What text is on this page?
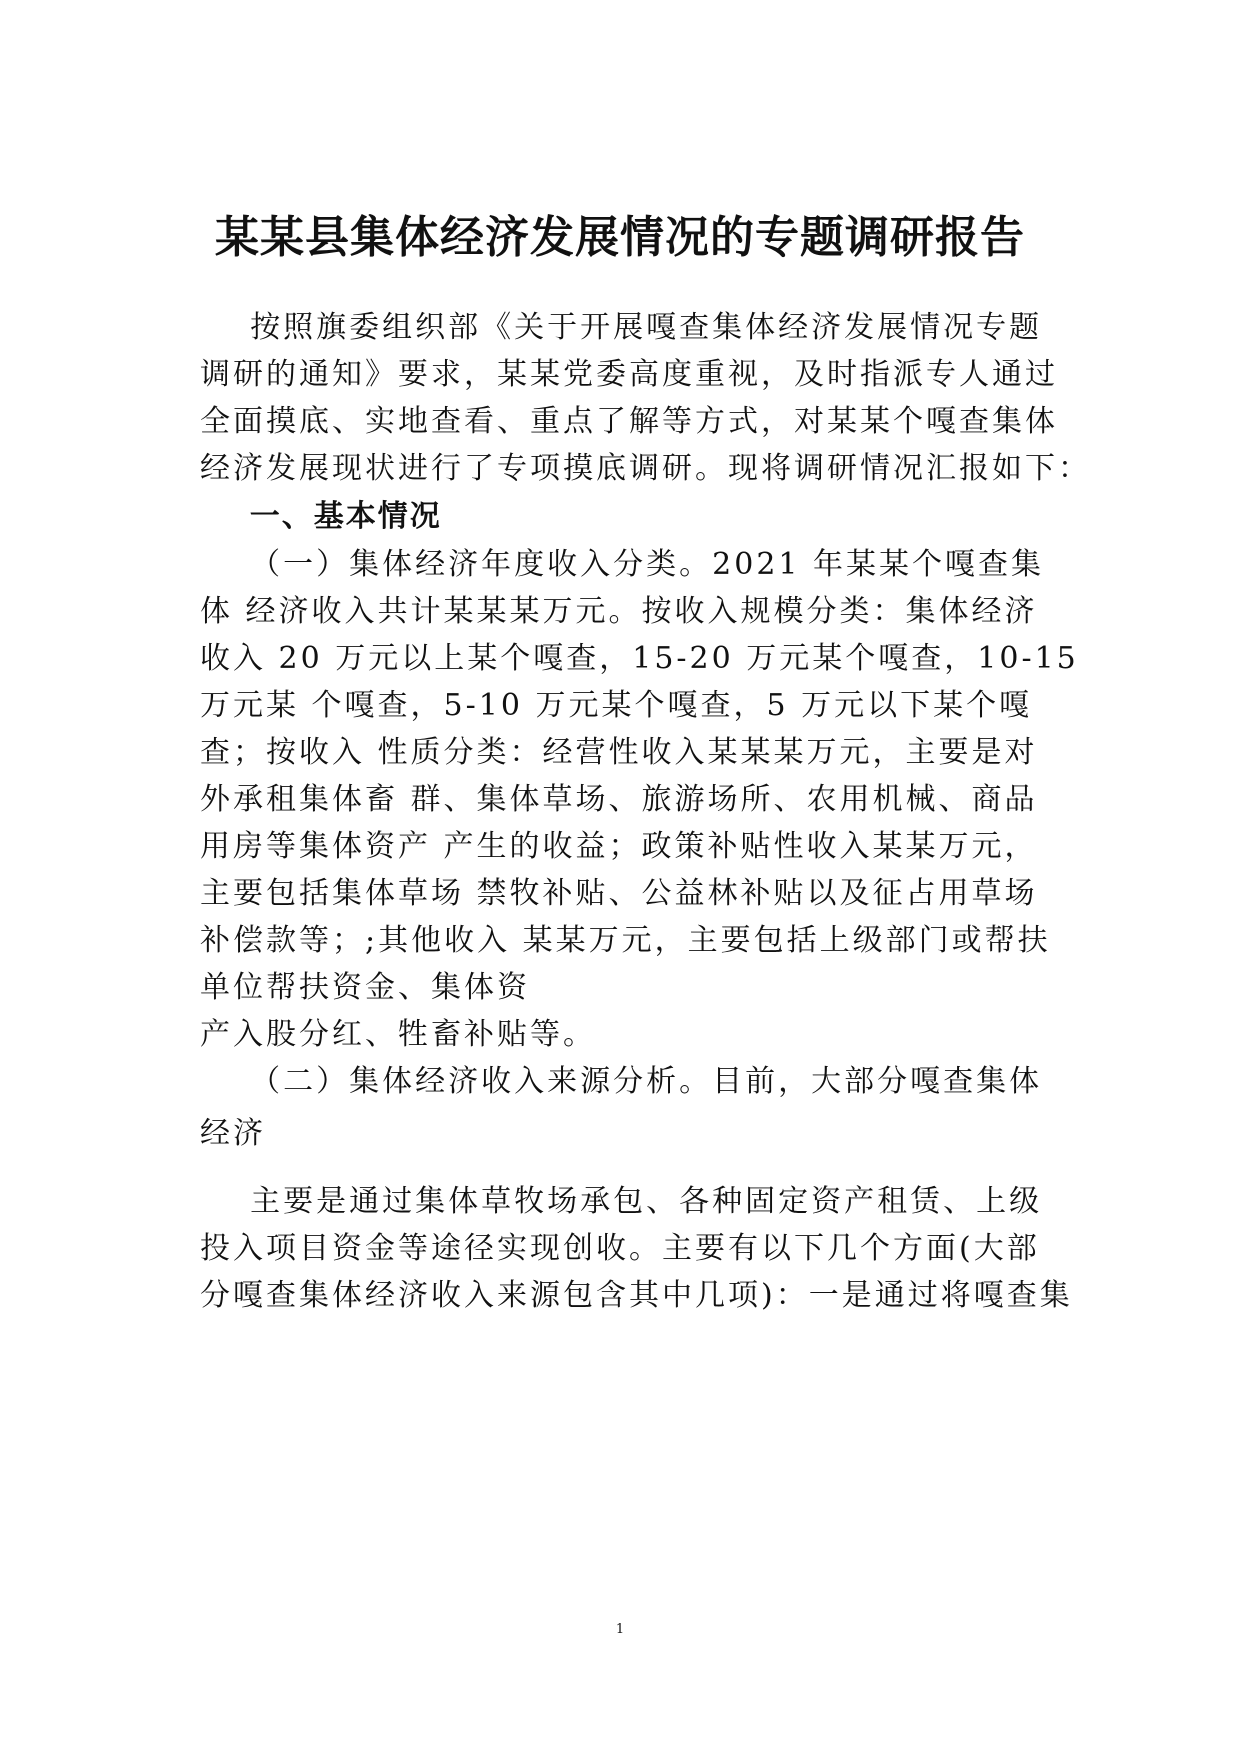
某某县集体经济发展情况的专题调研报告
按照旗委组织部《关于开展嘎查集体经济发展情况专题
调研的通知》要求，某某党委高度重视，及时指派专人通过
全面摸底、实地查看、重点了解等方式，对某某个嘎查集体
经济发展现状进行了专项摸底调研。现将调研情况汇报如下：
一、基本情况
（一）集体经济年度收入分类。2021 年某某个嘎查集
体 经济收入共计某某某万元。按收入规模分类：集体经济
收入 20 万元以上某个嘎查，15-20 万元某个嘎查，10-15
万元某 个嘎查，5-10 万元某个嘎查，5 万元以下某个嘎
查；按收入 性质分类：经营性收入某某某万元，主要是对
外承租集体畜 群、集体草场、旅游场所、农用机械、商品
用房等集体资产 产生的收益；政策补贴性收入某某万元，
主要包括集体草场 禁牧补贴、公益林补贴以及征占用草场
补偿款等；;其他收入 某某万元，主要包括上级部门或帮扶
单位帮扶资金、集体资
产入股分红、牲畜补贴等。
（二）集体经济收入来源分析。目前，大部分嘎查集体
经济
主要是通过集体草牧场承包、各种固定资产租赁、上级
投入项目资金等途径实现创收。主要有以下几个方面(大部
分嘎查集体经济收入来源包含其中几项)：一是通过将嘎查集
1
